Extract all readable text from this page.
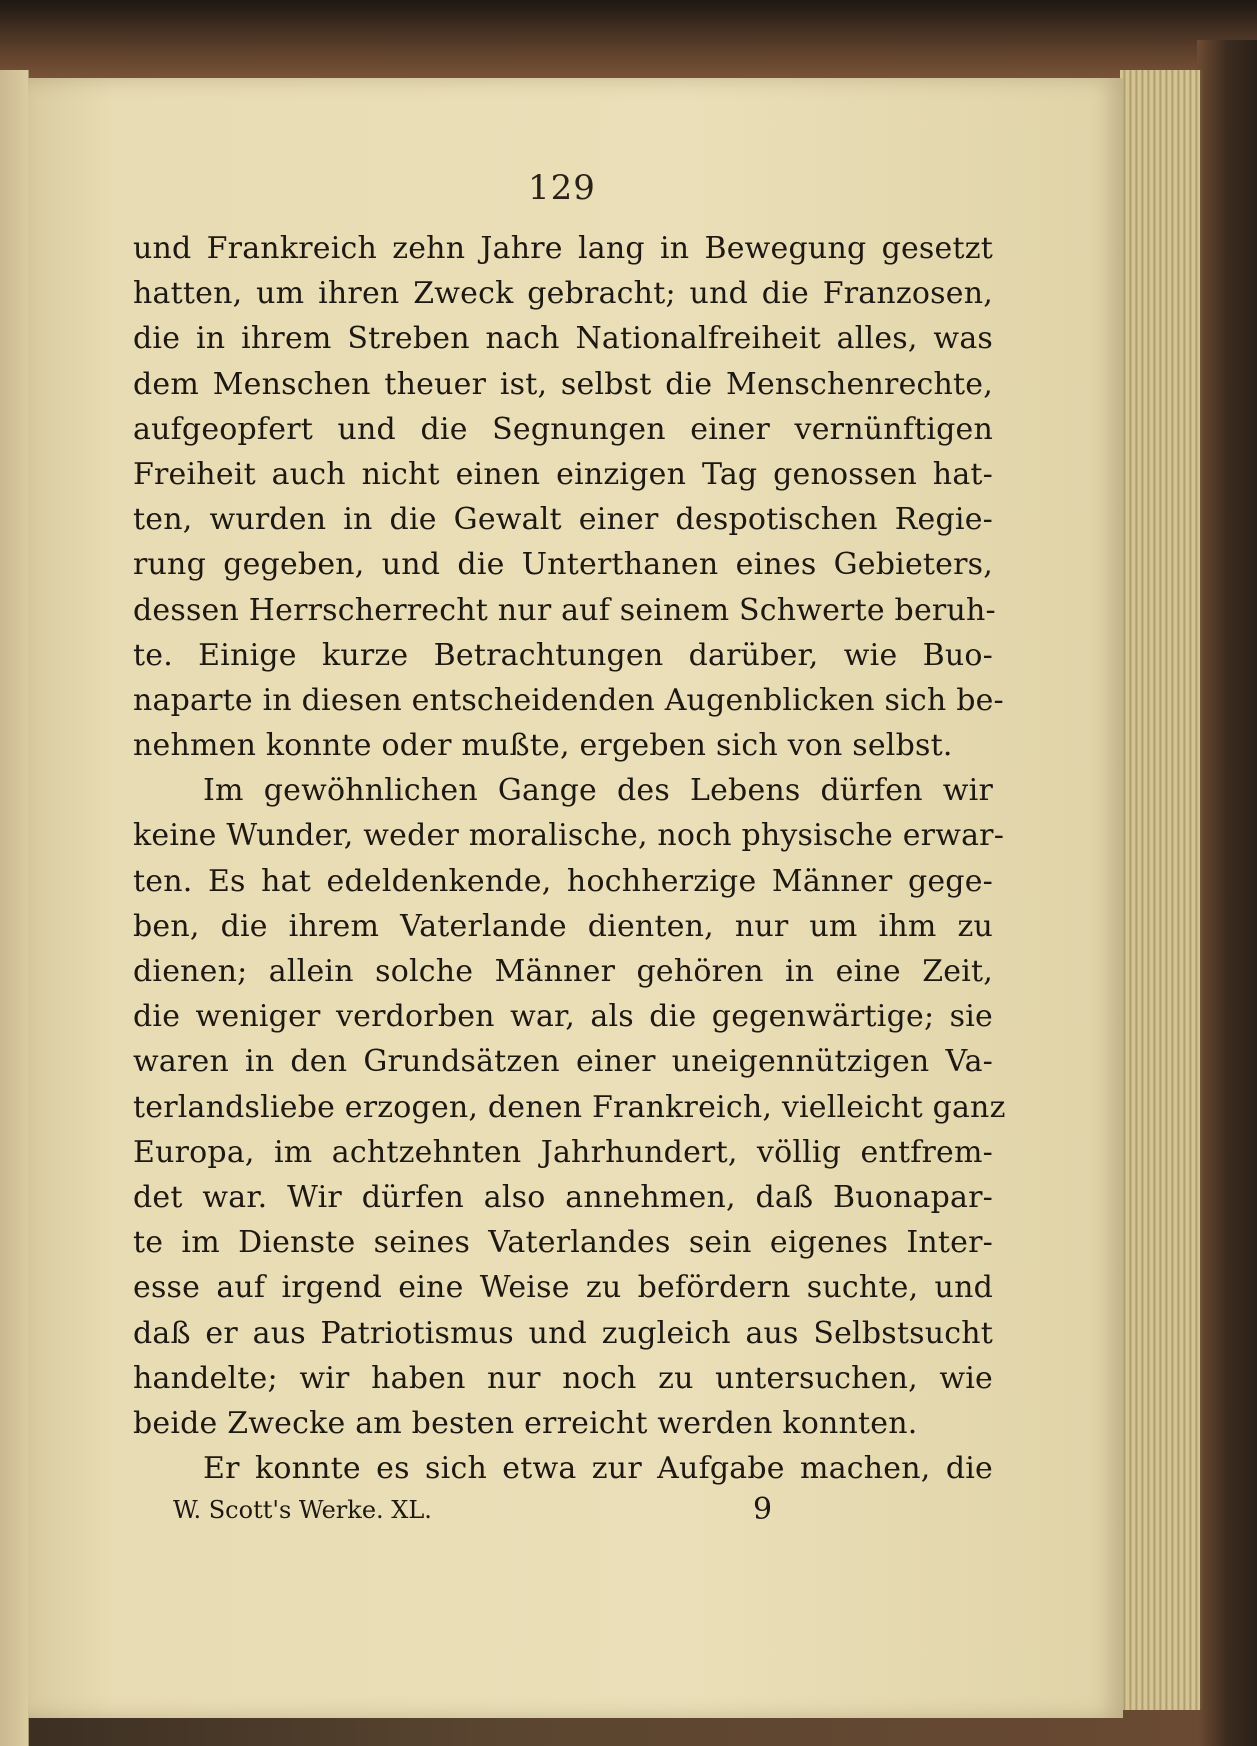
129
und Frankreich zehn Jahre lang in Bewegung gesetzt
hatten, um ihren Zweck gebracht; und die Franzosen,
die in ihrem Streben nach Nationalfreiheit alles, was
dem Menschen theuer ist, selbst die Menschenrechte,
aufgeopfert und die Segnungen einer vernünftigen
Freiheit auch nicht einen einzigen Tag genossen hat-
ten, wurden in die Gewalt einer despotischen Regie-
rung gegeben, und die Unterthanen eines Gebieters,
dessen Herrscherrecht nur auf seinem Schwerte beruh-
te. Einige kurze Betrachtungen darüber, wie Buo-
naparte in diesen entscheidenden Augenblicken sich be-
nehmen konnte oder mußte, ergeben sich von selbst.
Im gewöhnlichen Gange des Lebens dürfen wir
keine Wunder, weder moralische, noch physische erwar-
ten. Es hat edeldenkende, hochherzige Männer gege-
ben, die ihrem Vaterlande dienten, nur um ihm zu
dienen; allein solche Männer gehören in eine Zeit,
die weniger verdorben war, als die gegenwärtige; sie
waren in den Grundsätzen einer uneigennützigen Va-
terlandsliebe erzogen, denen Frankreich, vielleicht ganz
Europa, im achtzehnten Jahrhundert, völlig entfrem-
det war. Wir dürfen also annehmen, daß Buonapar-
te im Dienste seines Vaterlandes sein eigenes Inter-
esse auf irgend eine Weise zu befördern suchte, und
daß er aus Patriotismus und zugleich aus Selbstsucht
handelte; wir haben nur noch zu untersuchen, wie
beide Zwecke am besten erreicht werden konnten.
Er konnte es sich etwa zur Aufgabe machen, die
W. Scott's Werke. XL.	9
